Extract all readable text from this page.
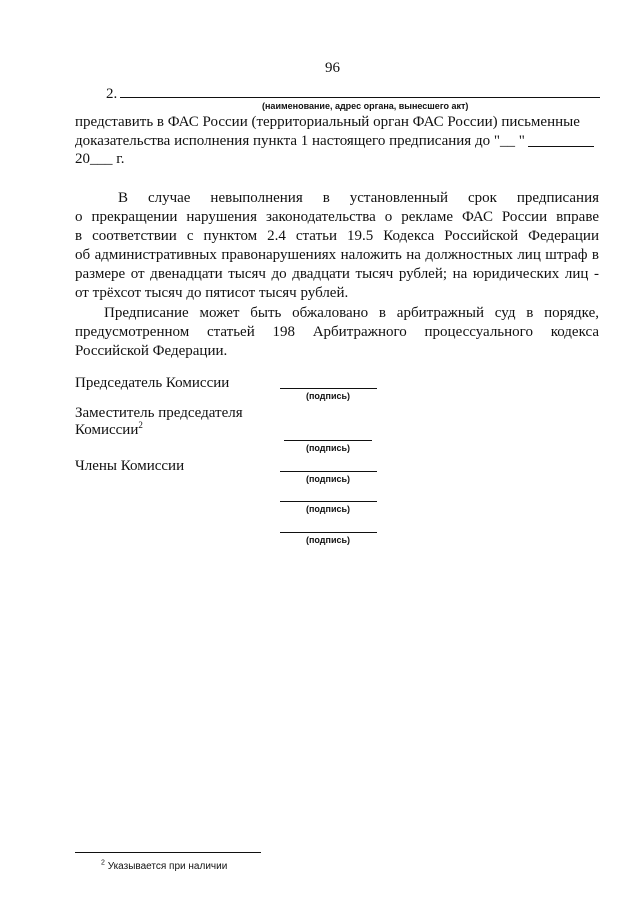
96
2.
(наименование, адрес органа, вынесшего акт)
представить в ФАС России (территориальный орган ФАС России) письменные
доказательства исполнения пункта 1 настоящего предписания до "__ "
20___ г.
В случае невыполнения в установленный срок предписания
о прекращении нарушения законодательства о рекламе ФАС России вправе
в соответствии с пунктом 2.4 статьи 19.5 Кодекса Российской Федерации
об административных правонарушениях наложить на должностных лиц штраф в
размере от двенадцати тысяч до двадцати тысяч рублей; на юридических лиц -
от трёхсот тысяч до пятисот тысяч рублей.
Предписание может быть обжаловано в арбитражный суд в порядке,
предусмотренном статьей 198 Арбитражного процессуального кодекса
Российской Федерации.
Председатель Комиссии
(подпись)
Заместитель председателя
Комиссии$^2$
(подпись)
Члены Комиссии
(подпись)
(подпись)
(подпись)
$^2$ Указывается при наличии
